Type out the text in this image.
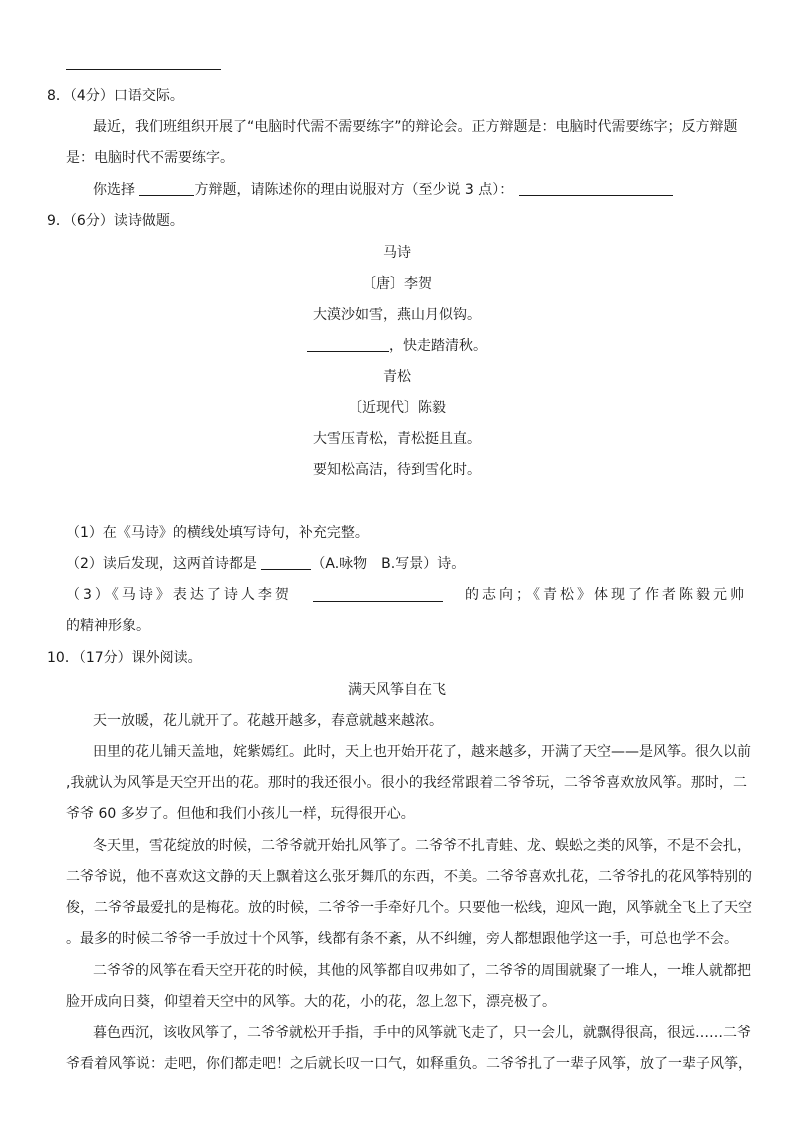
8．（4分）口语交际。
最近，我们班组织开展了“电脑时代需不需要练字”的辩论会。正方辩题是：电脑时代需要练字；反方辩题
是：电脑时代不需要练字。
你选择	方辩题，请陈述你的理由说服对方（至少说 3 点）：
9．（6分）读诗做题。
马诗
〔唐〕李贺
大漠沙如雪，燕山月似钩。
，快走踏清秋。
青松
〔近现代〕陈毅
大雪压青松，青松挺且直。
要知松高洁，待到雪化时。
（1）在《马诗》的横线处填写诗句，补充完整。
（2）读后发现，这两首诗都是	（A.咏物　B.写景）诗。
（3）《马诗》表达了诗人李贺	的志向；《青松》体现了作者陈毅元帅
的精神形象。
10．（17分）课外阅读。
满天风筝自在飞
天一放暖，花儿就开了。花越开越多，春意就越来越浓。
田里的花儿铺天盖地，姹紫嫣红。此时，天上也开始开花了，越来越多，开满了天空——是风筝。很久以前
,我就认为风筝是天空开出的花。那时的我还很小。很小的我经常跟着二爷爷玩，二爷爷喜欢放风筝。那时，二
爷爷 60 多岁了。但他和我们小孩儿一样，玩得很开心。
冬天里，雪花绽放的时候，二爷爷就开始扎风筝了。二爷爷不扎青蛙、龙、蜈蚣之类的风筝，不是不会扎，
二爷爷说，他不喜欢这文静的天上飘着这么张牙舞爪的东西，不美。二爷爷喜欢扎花，二爷爷扎的花风筝特别的
俊，二爷爷最爱扎的是梅花。放的时候，二爷爷一手牵好几个。只要他一松线，迎风一跑，风筝就全飞上了天空
。最多的时候二爷爷一手放过十个风筝，线都有条不紊，从不纠缠，旁人都想跟他学这一手，可总也学不会。
二爷爷的风筝在看天空开花的时候，其他的风筝都自叹弗如了，二爷爷的周围就聚了一堆人，一堆人就都把
脸开成向日葵，仰望着天空中的风筝。大的花，小的花，忽上忽下，漂亮极了。
暮色西沉，该收风筝了，二爷爷就松开手指，手中的风筝就飞走了，只一会儿，就飘得很高，很远……二爷
爷看着风筝说：走吧，你们都走吧！之后就长叹一口气，如释重负。二爷爷扎了一辈子风筝，放了一辈子风筝，
